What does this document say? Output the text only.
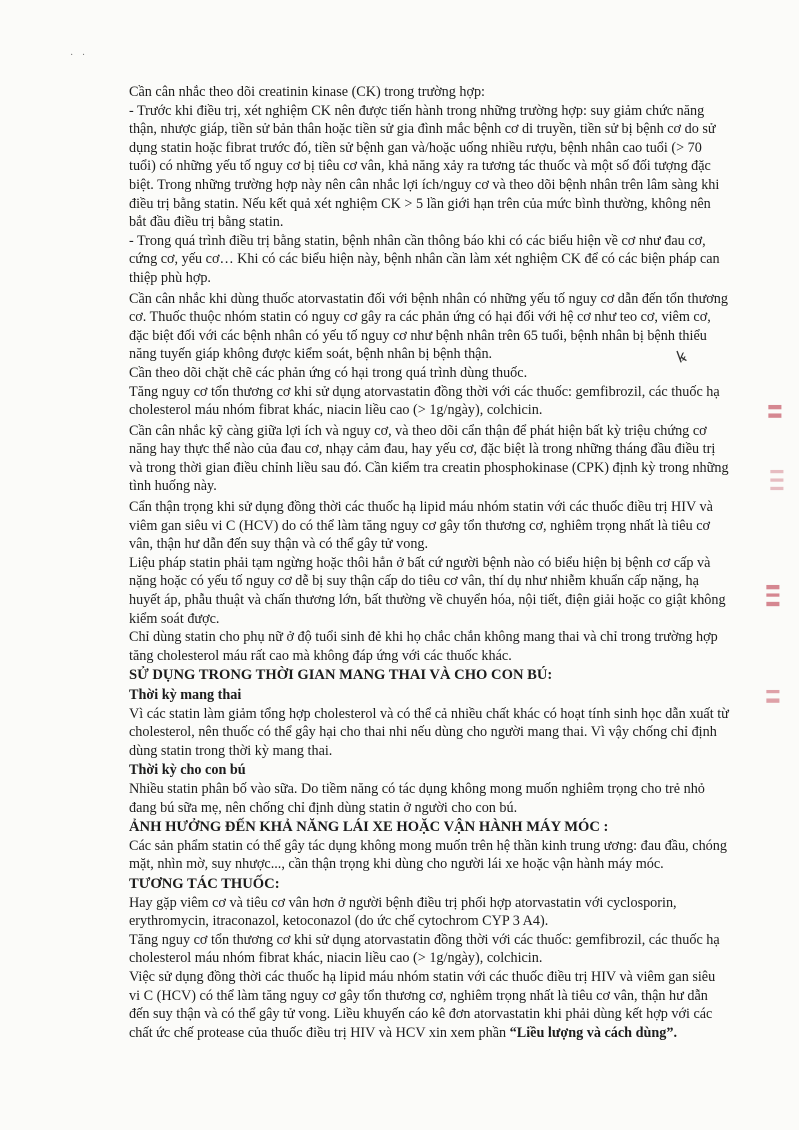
· ·
▌▌
▍▍▍
▌▍▌
▍▌
ꝃ

Cần cân nhắc theo dõi creatinin kinase (CK) trong trường hợp:

- Trước khi điều trị, xét nghiệm CK nên được tiến hành trong những trường hợp: suy giảm chức năng thận, nhược giáp, tiền sử bản thân hoặc tiền sử gia đình mắc bệnh cơ di truyền, tiền sử bị bệnh cơ do sử dụng statin hoặc fibrat trước đó, tiền sử bệnh gan và/hoặc uống nhiều rượu, bệnh nhân cao tuổi (> 70 tuổi) có những yếu tố nguy cơ bị tiêu cơ vân, khả năng xảy ra tương tác thuốc và một số đối tượng đặc biệt. Trong những trường hợp này nên cân nhắc lợi ích/nguy cơ và theo dõi bệnh nhân trên lâm sàng khi điều trị bằng statin. Nếu kết quả xét nghiệm CK > 5 lần giới hạn trên của mức bình thường, không nên bắt đầu điều trị bằng statin.

- Trong quá trình điều trị bằng statin, bệnh nhân cần thông báo khi có các biểu hiện về cơ như đau cơ, cứng cơ, yếu cơ… Khi có các biểu hiện này, bệnh nhân cần làm xét nghiệm CK để có các biện pháp can thiệp phù hợp.

Cần cân nhắc khi dùng thuốc atorvastatin đối với bệnh nhân có những yếu tố nguy cơ dẫn đến tổn thương cơ. Thuốc thuộc nhóm statin có nguy cơ gây ra các phản ứng có hại đối với hệ cơ như teo cơ, viêm cơ, đặc biệt đối với các bệnh nhân có yếu tố nguy cơ như bệnh nhân trên 65 tuổi, bệnh nhân bị bệnh thiểu năng tuyến giáp không được kiểm soát, bệnh nhân bị bệnh thận.

Cần theo dõi chặt chẽ các phản ứng có hại trong quá trình dùng thuốc.

Tăng nguy cơ tổn thương cơ khi sử dụng atorvastatin đồng thời với các thuốc: gemfibrozil, các thuốc hạ cholesterol máu nhóm fibrat khác, niacin liều cao (> 1g/ngày), colchicin.

Cần cân nhắc kỹ càng giữa lợi ích và nguy cơ, và theo dõi cẩn thận để phát hiện bất kỳ triệu chứng cơ năng hay thực thể nào của đau cơ, nhạy cảm đau, hay yếu cơ, đặc biệt là trong những tháng đầu điều trị và trong thời gian điều chỉnh liều sau đó. Cần kiểm tra creatin phosphokinase (CPK) định kỳ trong những tình huống này.

Cẩn thận trọng khi sử dụng đồng thời các thuốc hạ lipid máu nhóm statin với các thuốc điều trị HIV và viêm gan siêu vi C (HCV) do có thể làm tăng nguy cơ gây tổn thương cơ, nghiêm trọng nhất là tiêu cơ vân, thận hư dẫn đến suy thận và có thể gây tử vong.

Liệu pháp statin phải tạm ngừng hoặc thôi hẳn ở bất cứ người bệnh nào có biểu hiện bị bệnh cơ cấp và nặng hoặc có yếu tố nguy cơ dễ bị suy thận cấp do tiêu cơ vân, thí dụ như nhiễm khuẩn cấp nặng, hạ huyết áp, phẫu thuật và chấn thương lớn, bất thường về chuyển hóa, nội tiết, điện giải hoặc co giật không kiểm soát được.

Chỉ dùng statin cho phụ nữ ở độ tuổi sinh đẻ khi họ chắc chắn không mang thai và chỉ trong trường hợp tăng cholesterol máu rất cao mà không đáp ứng với các thuốc khác.

SỬ DỤNG TRONG THỜI GIAN MANG THAI VÀ CHO CON BÚ:
Thời kỳ mang thai

Vì các statin làm giảm tổng hợp cholesterol và có thể cả nhiều chất khác có hoạt tính sinh học dẫn xuất từ cholesterol, nên thuốc có thể gây hại cho thai nhi nếu dùng cho người mang thai. Vì vậy chống chỉ định dùng statin trong thời kỳ mang thai.

Thời kỳ cho con bú

Nhiều statin phân bố vào sữa. Do tiềm năng có tác dụng không mong muốn nghiêm trọng cho trẻ nhỏ đang bú sữa mẹ, nên chống chỉ định dùng statin ở người cho con bú.

ẢNH HƯỞNG ĐẾN KHẢ NĂNG LÁI XE HOẶC VẬN HÀNH MÁY MÓC :

Các sản phẩm statin có thể gây tác dụng không mong muốn trên hệ thần kinh trung ương: đau đầu, chóng mặt, nhìn mờ, suy nhược..., cần thận trọng khi dùng cho người lái xe hoặc vận hành máy móc.

TƯƠNG TÁC THUỐC:

Hay gặp viêm cơ và tiêu cơ vân hơn ở người bệnh điều trị phối hợp atorvastatin với cyclosporin, erythromycin, itraconazol, ketoconazol (do ức chế cytochrom CYP 3 A4).

Tăng nguy cơ tổn thương cơ khi sử dụng atorvastatin đồng thời với các thuốc: gemfibrozil, các thuốc hạ cholesterol máu nhóm fibrat khác, niacin liều cao (> 1g/ngày), colchicin.

Việc sử dụng đồng thời các thuốc hạ lipid máu nhóm statin với các thuốc điều trị HIV và viêm gan siêu vi C (HCV) có thể làm tăng nguy cơ gây tổn thương cơ, nghiêm trọng nhất là tiêu cơ vân, thận hư dẫn đến suy thận và có thể gây tử vong. Liều khuyến cáo kê đơn atorvastatin khi phải dùng kết hợp với các chất ức chế protease của thuốc điều trị HIV và HCV xin xem phần “Liều lượng và cách dùng”.
